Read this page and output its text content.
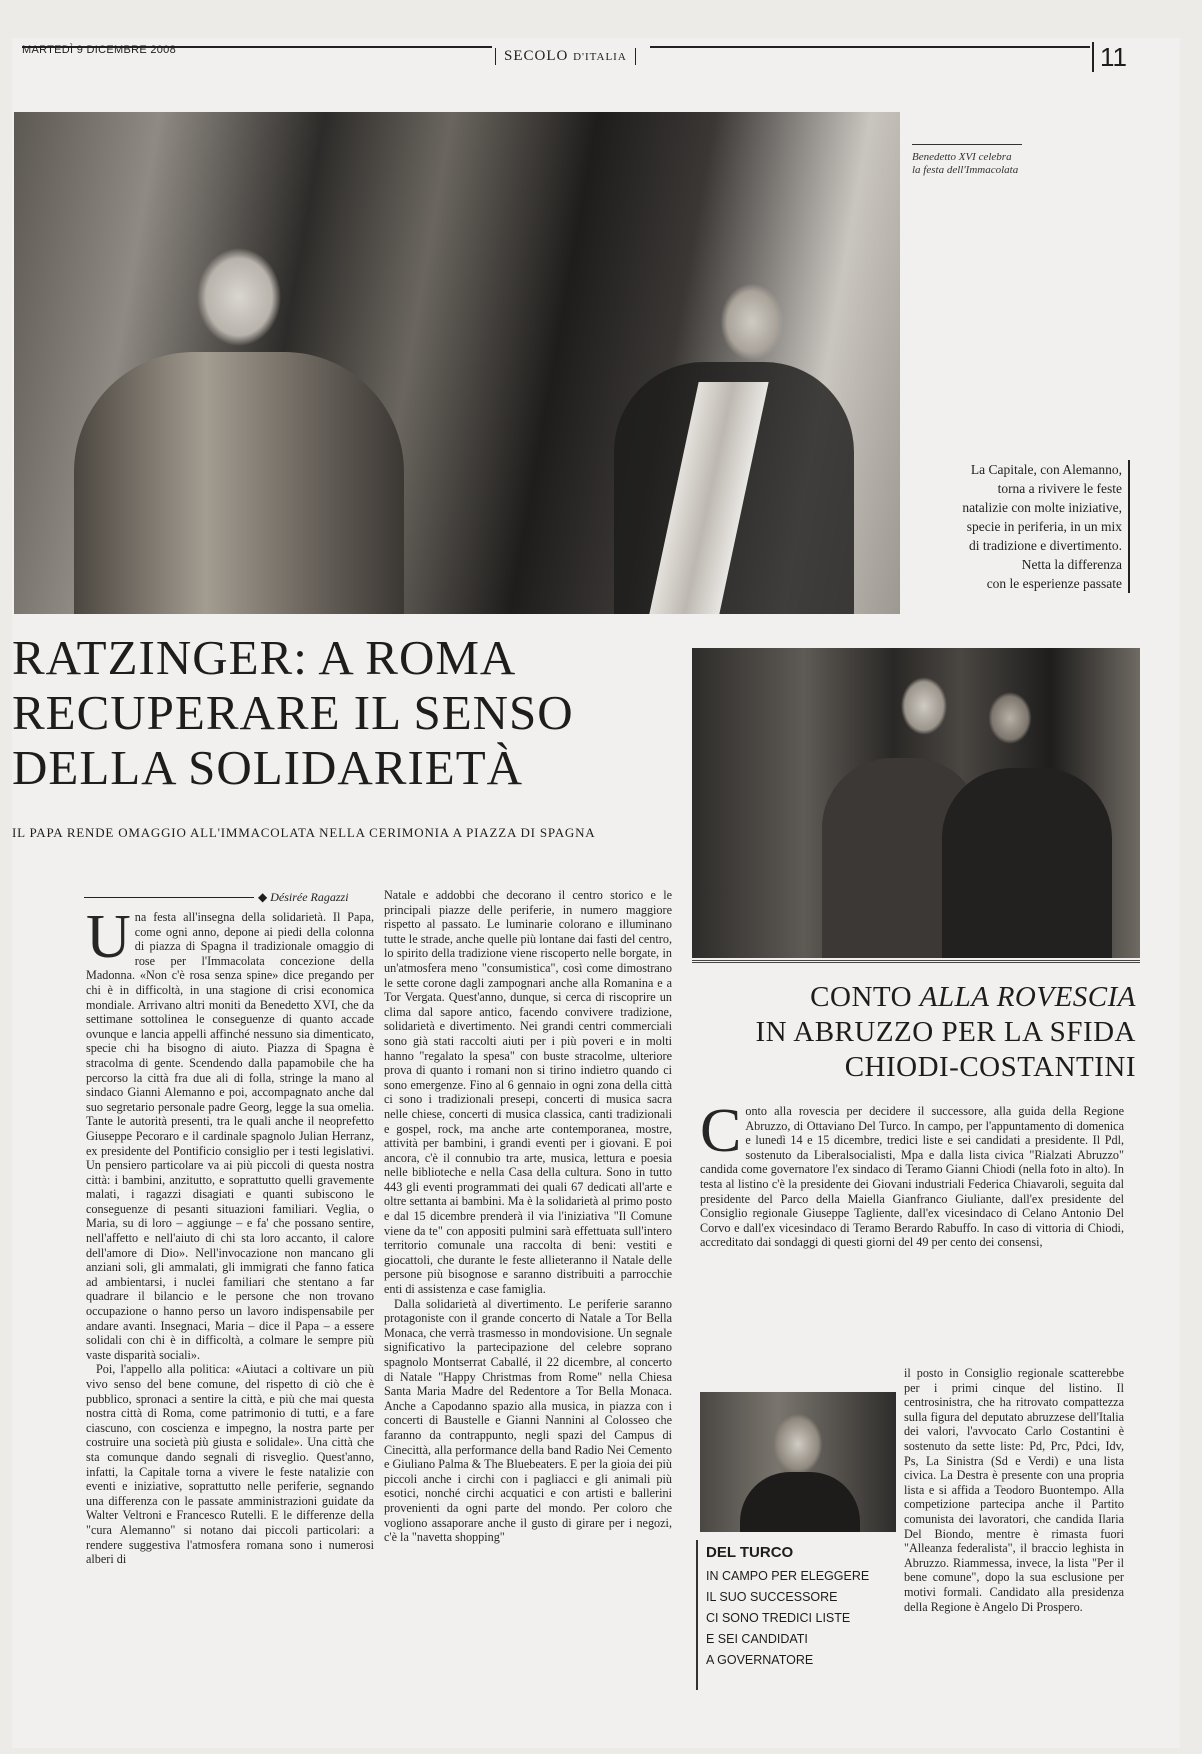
MARTEDÌ 9 DICEMBRE 2008	SECOLO D'ITALIA	11
Benedetto XVI celebra la festa dell'Immacolata
La Capitale, con Alemanno,
torna a rivivere le feste
natalizie con molte iniziative,
specie in periferia, in un mix
di tradizione e divertimento.
Netta la differenza
con le esperienze passate
RATZINGER: A ROMA RECUPERARE IL SENSO DELLA SOLIDARIETÀ
IL PAPA RENDE OMAGGIO ALL'IMMACOLATA NELLA CERIMONIA A PIAZZA DI SPAGNA
◆ Désirée Ragazzi

Una festa all'insegna della solidarietà. Il Papa, come ogni anno, depone ai piedi della colonna di piazza di Spagna il tradizionale omaggio di rose per l'Immacolata concezione della Madonna. «Non c'è rosa senza spine» dice pregando per chi è in difficoltà, in una stagione di crisi economica mondiale. Arrivano altri moniti da Benedetto XVI, che da settimane sottolinea le conseguenze di quanto accade ovunque e lancia appelli affinché nessuno sia dimenticato, specie chi ha bisogno di aiuto. Piazza di Spagna è stracolma di gente. Scendendo dalla papamobile che ha percorso la città fra due ali di folla, stringe la mano al sindaco Gianni Alemanno e poi, accompagnato anche dal suo segretario personale padre Georg, legge la sua omelia. Tante le autorità presenti, tra le quali anche il neoprefetto Giuseppe Pecoraro e il cardinale spagnolo Julian Herranz, ex presidente del Pontificio consiglio per i testi legislativi. Un pensiero particolare va ai più piccoli di questa nostra città: i bambini, anzitutto, e soprattutto quelli gravemente malati, i ragazzi disagiati e quanti subiscono le conseguenze di pesanti situazioni familiari. Veglia, o Maria, su di loro – aggiunge – e fa' che possano sentire, nell'affetto e nell'aiuto di chi sta loro accanto, il calore dell'amore di Dio». Nell'invocazione non mancano gli anziani soli, gli ammalati, gli immigrati che fanno fatica ad ambientarsi, i nuclei familiari che stentano a far quadrare il bilancio e le persone che non trovano occupazione o hanno perso un lavoro indispensabile per andare avanti. Insegnaci, Maria – dice il Papa – a essere solidali con chi è in difficoltà, a colmare le sempre più vaste disparità sociali».

Poi, l'appello alla politica: «Aiutaci a coltivare un più vivo senso del bene comune, del rispetto di ciò che è pubblico, spronaci a sentire la città, e più che mai questa nostra città di Roma, come patrimonio di tutti, e a fare ciascuno, con coscienza e impegno, la nostra parte per costruire una società più giusta e solidale». Una città che sta comunque dando segnali di risveglio. Quest'anno, infatti, la Capitale torna a vivere le feste natalizie con eventi e iniziative, soprattutto nelle periferie, segnando una differenza con le passate amministrazioni guidate da Walter Veltroni e Francesco Rutelli. E le differenze della "cura Alemanno" si notano dai piccoli particolari: a rendere suggestiva l'atmosfera romana sono i numerosi alberi di

Natale e addobbi che decorano il centro storico e le principali piazze delle periferie, in numero maggiore rispetto al passato. Le luminarie colorano e illuminano tutte le strade, anche quelle più lontane dai fasti del centro, lo spirito della tradizione viene riscoperto nelle borgate, in un'atmosfera meno "consumistica", così come dimostrano le sette corone dagli zampognari anche alla Romanina e a Tor Vergata. Quest'anno, dunque, si cerca di riscoprire un clima dal sapore antico, facendo convivere tradizione, solidarietà e divertimento. Nei grandi centri commerciali sono già stati raccolti aiuti per i più poveri e in molti hanno "regalato la spesa" con buste stracolme, ulteriore prova di quanto i romani non si tirino indietro quando ci sono emergenze. Fino al 6 gennaio in ogni zona della città ci sono i tradizionali presepi, concerti di musica sacra nelle chiese, concerti di musica classica, canti tradizionali e gospel, rock, ma anche arte contemporanea, mostre, attività per bambini, i grandi eventi per i giovani. E poi ancora, c'è il connubio tra arte, musica, lettura e poesia nelle biblioteche e nella Casa della cultura. Sono in tutto 443 gli eventi programmati dei quali 67 dedicati all'arte e oltre settanta ai bambini. Ma è la solidarietà al primo posto e dal 15 dicembre prenderà il via l'iniziativa "Il Comune viene da te" con appositi pulmini sarà effettuata sull'intero territorio comunale una raccolta di beni: vestiti e giocattoli, che durante le feste allieteranno il Natale delle persone più bisognose e saranno distribuiti a parrocchie enti di assistenza e case famiglia.

Dalla solidarietà al divertimento. Le periferie saranno protagoniste con il grande concerto di Natale a Tor Bella Monaca, che verrà trasmesso in mondovisione. Un segnale significativo la partecipazione del celebre soprano spagnolo Montserrat Caballé, il 22 dicembre, al concerto di Natale "Happy Christmas from Rome" nella Chiesa Santa Maria Madre del Redentore a Tor Bella Monaca. Anche a Capodanno spazio alla musica, in piazza con i concerti di Baustelle e Gianni Nannini al Colosseo che faranno da contrappunto, negli spazi del Campus di Cinecittà, alla performance della band Radio Nei Cemento e Giuliano Palma & The Bluebeaters. E per la gioia dei più piccoli anche i circhi con i pagliacci e gli animali più esotici, nonché circhi acquatici e con artisti e ballerini provenienti da ogni parte del mondo. Per coloro che vogliono assaporare anche il gusto di girare per i negozi, c'è la "navetta shopping"

CONTO ALLA ROVESCIA
IN ABRUZZO PER LA SFIDA
CHIODI-COSTANTINI

Conto alla rovescia per decidere il successore, alla guida della Regione Abruzzo, di Ottaviano Del Turco. In campo, per l'appuntamento di domenica e lunedì 14 e 15 dicembre, tredici liste e sei candidati a presidente. Il Pdl, sostenuto da Liberalsocialisti, Mpa e dalla lista civica "Rialzati Abruzzo" candida come governatore l'ex sindaco di Teramo Gianni Chiodi (nella foto in alto). In testa al listino c'è la presidente dei Giovani industriali Federica Chiavaroli, seguita dal presidente del Parco della Maiella Gianfranco Giuliante, dall'ex presidente del Consiglio regionale Giuseppe Tagliente, dall'ex vicesindaco di Celano Antonio Del Corvo e dall'ex vicesindaco di Teramo Berardo Rabuffo. In caso di vittoria di Chiodi, accreditato dai sondaggi di questi giorni del 49 per cento dei consensi,

il posto in Consiglio regionale scatterebbe per i primi cinque del listino. Il centrosinistra, che ha ritrovato compattezza sulla figura del deputato abruzzese dell'Italia dei valori, l'avvocato Carlo Costantini è sostenuto da sette liste: Pd, Prc, Pdci, Idv, Ps, La Sinistra (Sd e Verdi) e una lista civica. La Destra è presente con una propria lista e si affida a Teodoro Buontempo. Alla competizione partecipa anche il Partito comunista dei lavoratori, che candida Ilaria Del Biondo, mentre è rimasta fuori "Alleanza federalista", il braccio leghista in Abruzzo. Riammessa, invece, la lista "Per il bene comune", dopo la sua esclusione per motivi formali. Candidato alla presidenza della Regione è Angelo Di Prospero.

DEL TURCO
IN CAMPO PER ELEGGERE
IL SUO SUCCESSORE
CI SONO TREDICI LISTE
E SEI CANDIDATI
A GOVERNATORE
